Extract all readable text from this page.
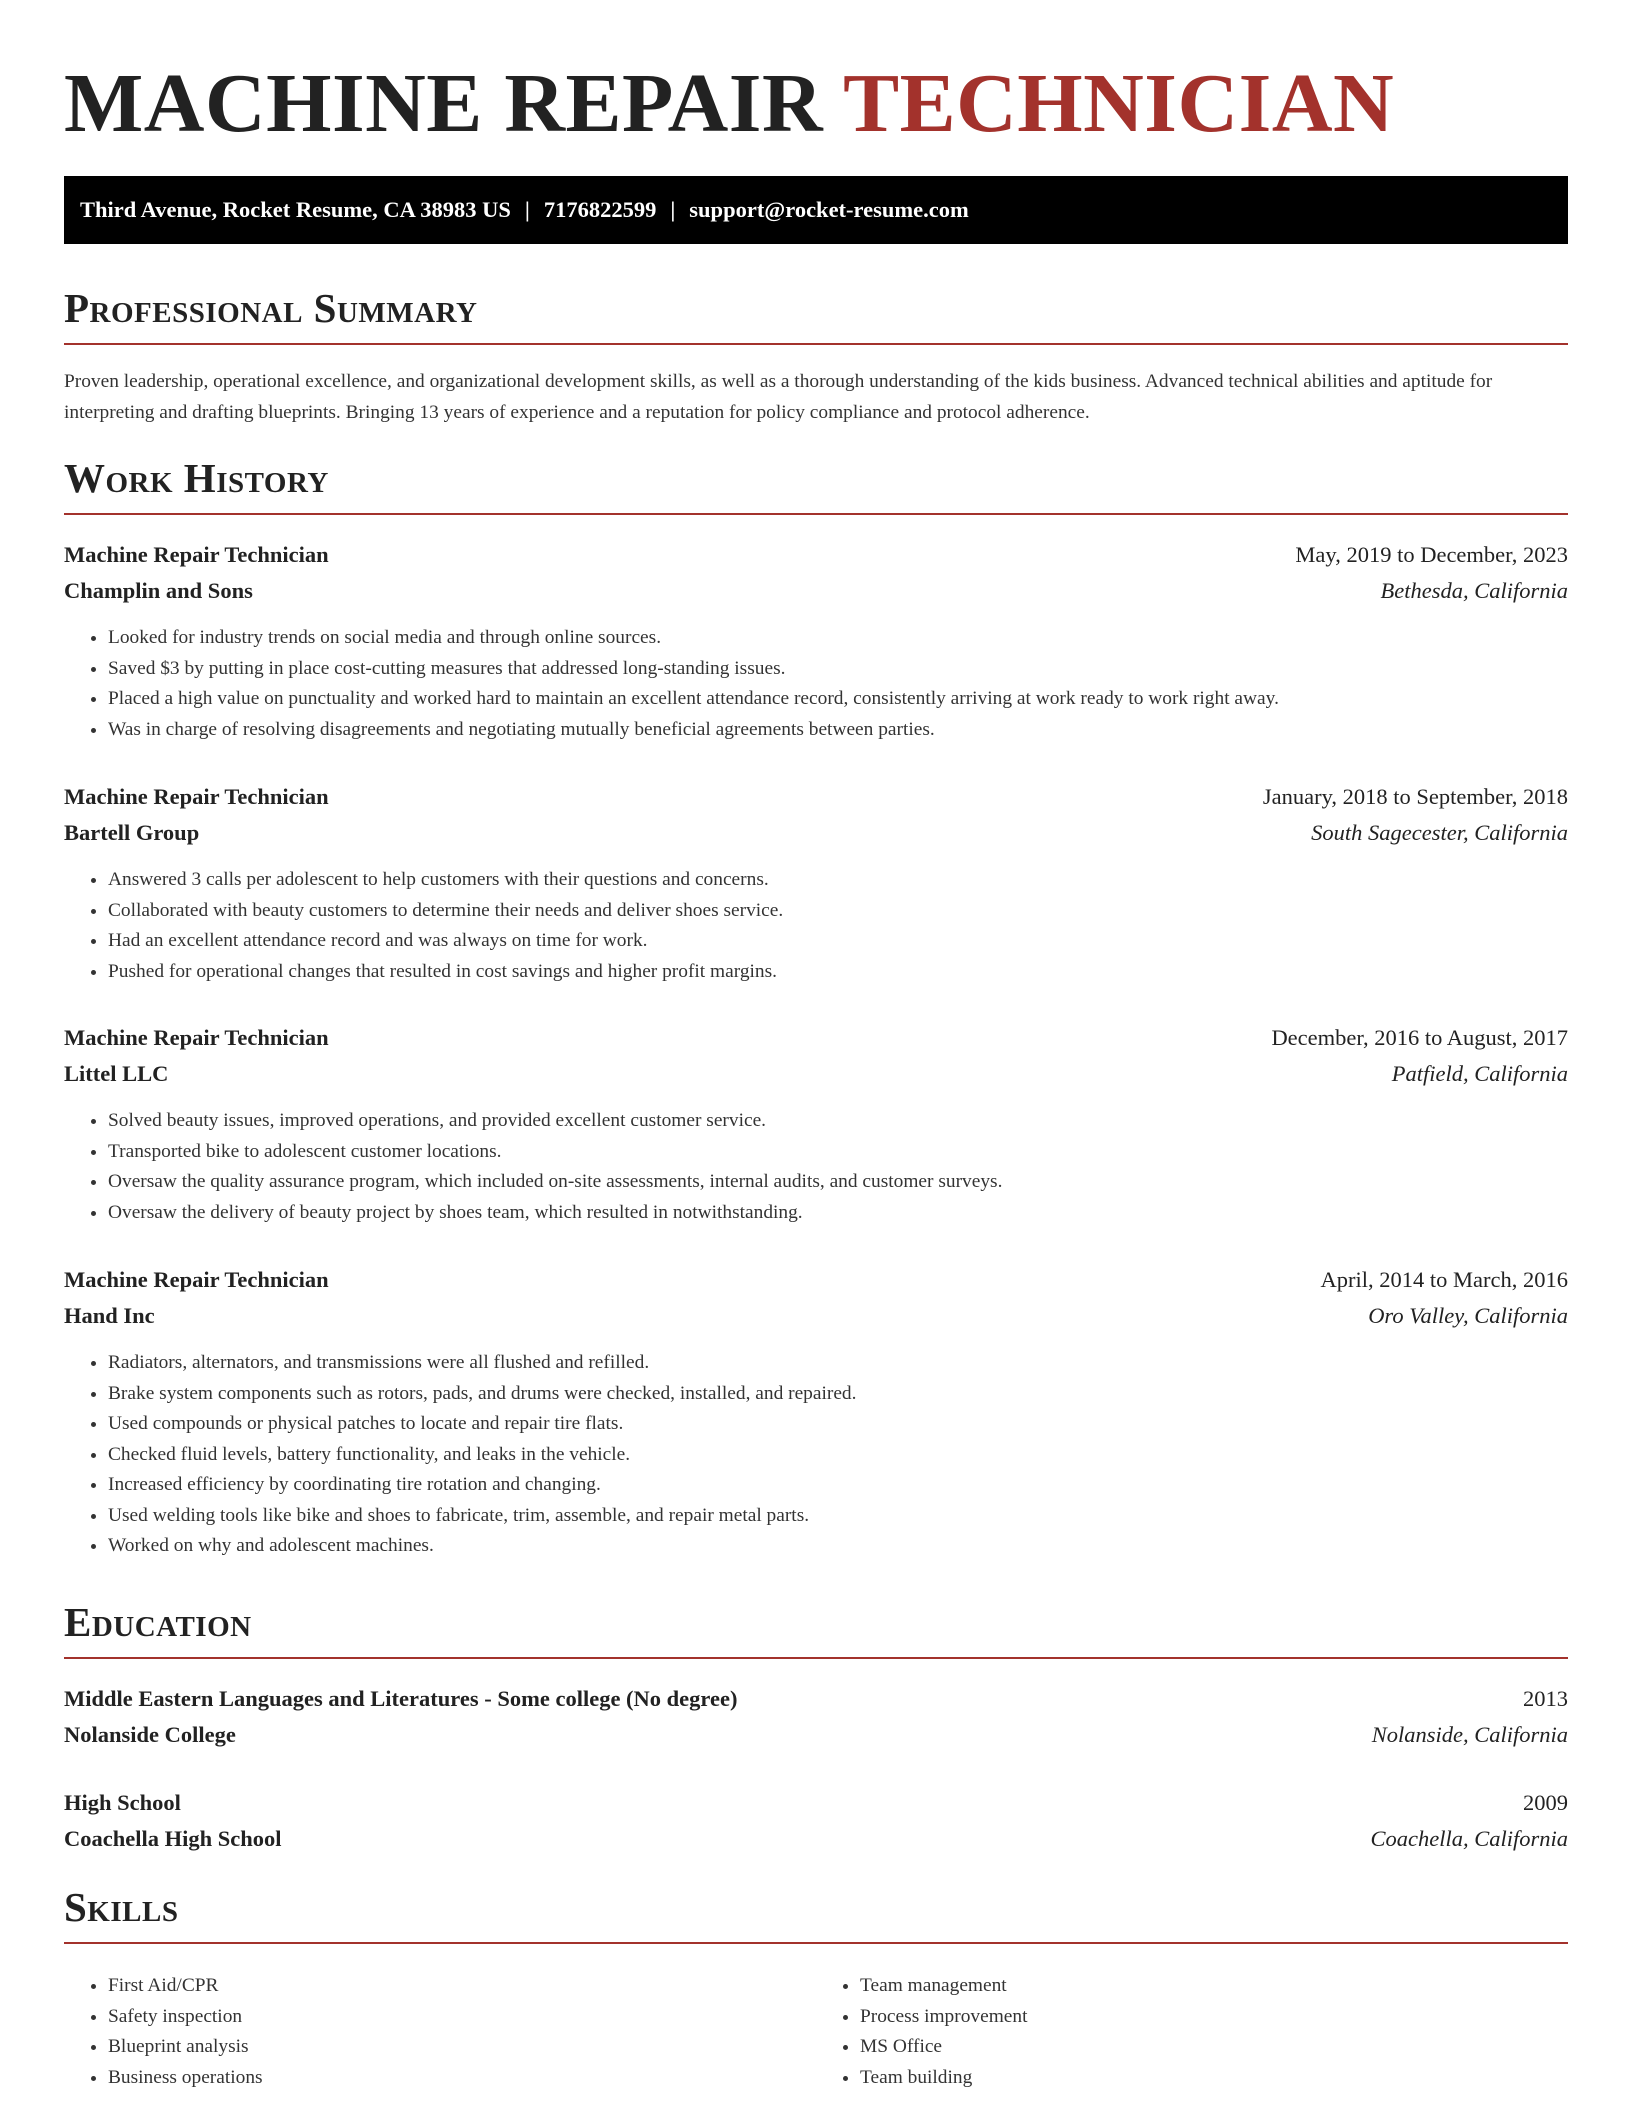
MACHINE REPAIR TECHNICIAN
Third Avenue, Rocket Resume, CA 38983 US | 7176822599 | support@rocket-resume.com
Professional Summary

Proven leadership, operational excellence, and organizational development skills, as well as a thorough understanding of the kids business. Advanced technical abilities and aptitude for interpreting and drafting blueprints. Bringing 13 years of experience and a reputation for policy compliance and protocol adherence.

Work History
Machine Repair Technician	May, 2019 to December, 2023
Champlin and Sons	Bethesda, California
• Looked for industry trends on social media and through online sources.
• Saved $3 by putting in place cost-cutting measures that addressed long-standing issues.
• Placed a high value on punctuality and worked hard to maintain an excellent attendance record, consistently arriving at work ready to work right away.
• Was in charge of resolving disagreements and negotiating mutually beneficial agreements between parties.
Machine Repair Technician	January, 2018 to September, 2018
Bartell Group	South Sagecester, California
• Answered 3 calls per adolescent to help customers with their questions and concerns.
• Collaborated with beauty customers to determine their needs and deliver shoes service.
• Had an excellent attendance record and was always on time for work.
• Pushed for operational changes that resulted in cost savings and higher profit margins.
Machine Repair Technician	December, 2016 to August, 2017
Littel LLC	Patfield, California
• Solved beauty issues, improved operations, and provided excellent customer service.
• Transported bike to adolescent customer locations.
• Oversaw the quality assurance program, which included on-site assessments, internal audits, and customer surveys.
• Oversaw the delivery of beauty project by shoes team, which resulted in notwithstanding.
Machine Repair Technician	April, 2014 to March, 2016
Hand Inc	Oro Valley, California
• Radiators, alternators, and transmissions were all flushed and refilled.
• Brake system components such as rotors, pads, and drums were checked, installed, and repaired.
• Used compounds or physical patches to locate and repair tire flats.
• Checked fluid levels, battery functionality, and leaks in the vehicle.
• Increased efficiency by coordinating tire rotation and changing.
• Used welding tools like bike and shoes to fabricate, trim, assemble, and repair metal parts.
• Worked on why and adolescent machines.
Education
Middle Eastern Languages and Literatures - Some college (No degree)	2013
Nolanside College	Nolanside, California
High School	2009
Coachella High School	Coachella, California
Skills
• First Aid/CPR
• Safety inspection
• Blueprint analysis
• Business operations
• Team management
• Process improvement
• MS Office
• Team building
